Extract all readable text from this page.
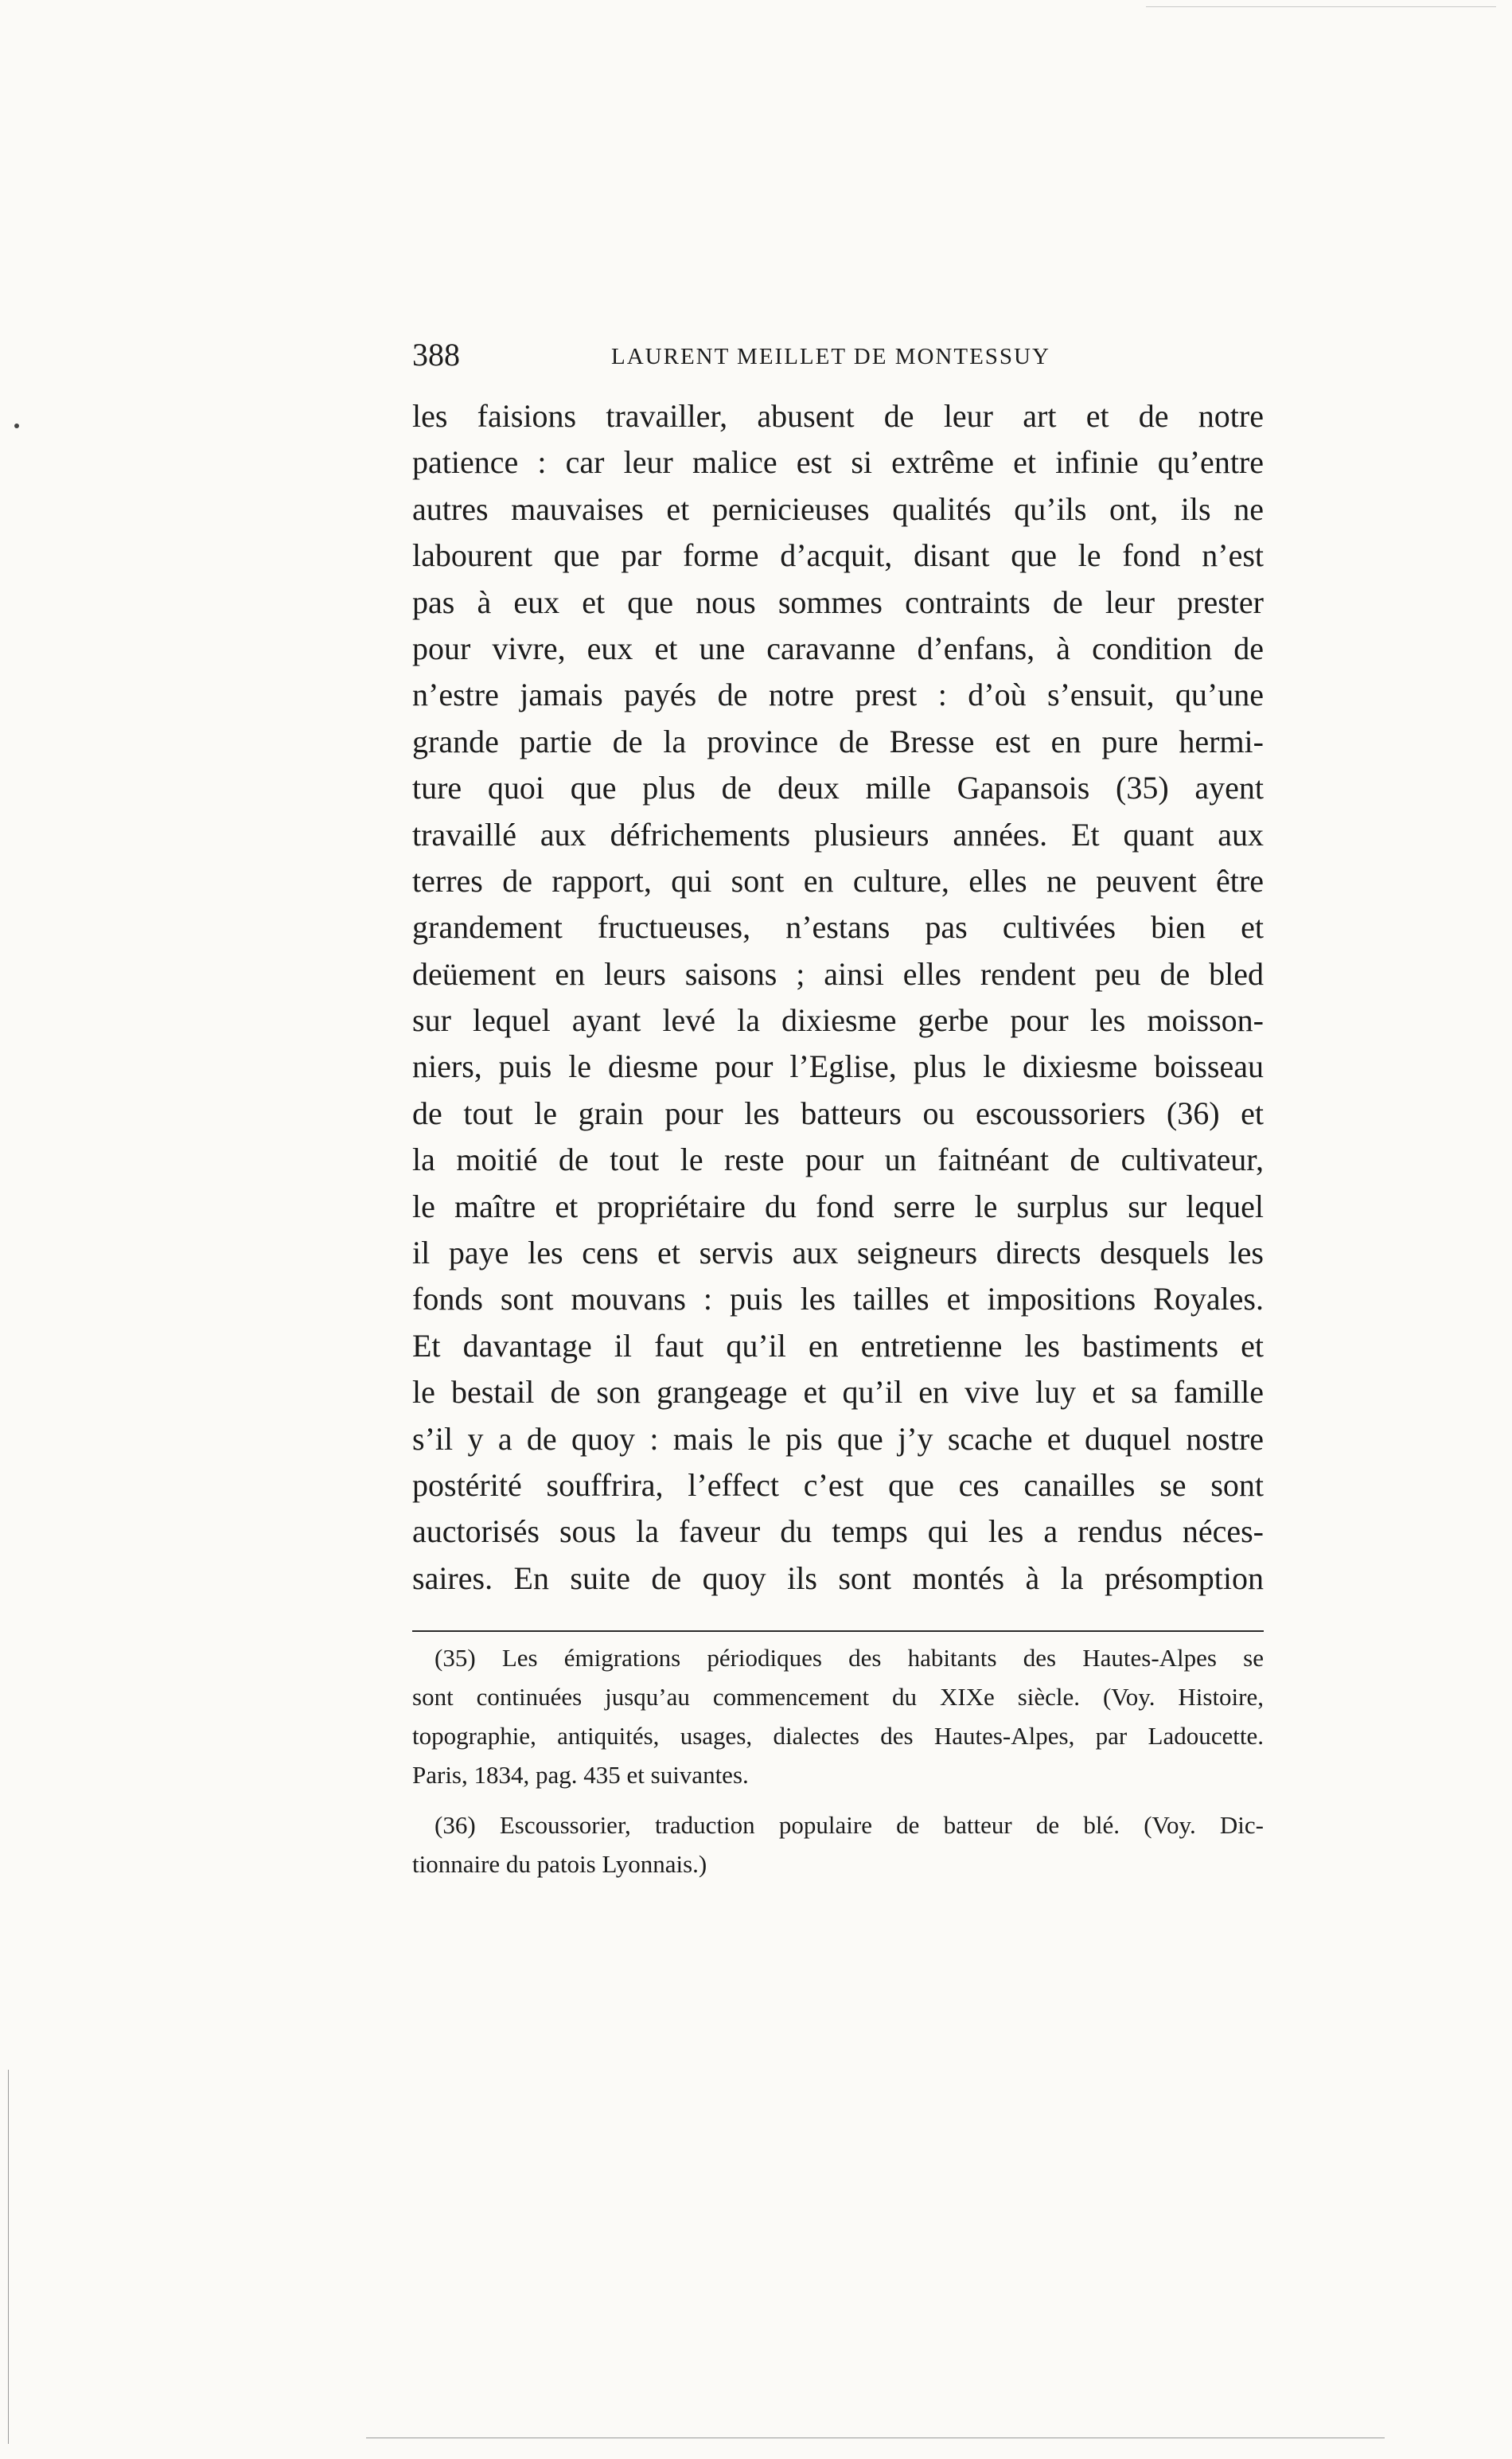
388	LAURENT MEILLET DE MONTESSUY
les faisions travailler, abusent de leur art et de notre
patience : car leur malice est si extrême et infinie qu’entre
autres mauvaises et pernicieuses qualités qu’ils ont, ils ne
labourent que par forme d’acquit, disant que le fond n’est
pas à eux et que nous sommes contraints de leur prester
pour vivre, eux et une caravanne d’enfans, à condition de
n’estre jamais payés de notre prest : d’où s’ensuit, qu’une
grande partie de la province de Bresse est en pure hermi-
ture quoi que plus de deux mille Gapansois (35) ayent
travaillé aux défrichements plusieurs années. Et quant aux
terres de rapport, qui sont en culture, elles ne peuvent être
grandement fructueuses, n’estans pas cultivées bien et
deüement en leurs saisons ; ainsi elles rendent peu de bled
sur lequel ayant levé la dixiesme gerbe pour les moisson-
niers, puis le diesme pour l’Eglise, plus le dixiesme boisseau
de tout le grain pour les batteurs ou escoussoriers (36) et
la moitié de tout le reste pour un faitnéant de cultivateur,
le maître et propriétaire du fond serre le surplus sur lequel
il paye les cens et servis aux seigneurs directs desquels les
fonds sont mouvans : puis les tailles et impositions Royales.
Et davantage il faut qu’il en entretienne les bastiments et
le bestail de son grangeage et qu’il en vive luy et sa famille
s’il y a de quoy : mais le pis que j’y scache et duquel nostre
postérité souffrira, l’effect c’est que ces canailles se sont
auctorisés sous la faveur du temps qui les a rendus néces-
saires. En suite de quoy ils sont montés à la présomption
(35) Les émigrations périodiques des habitants des Hautes-Alpes se
sont continuées jusqu’au commencement du XIXe siècle. (Voy. Histoire,
topographie, antiquités, usages, dialectes des Hautes-Alpes, par Ladoucette.
Paris, 1834, pag. 435 et suivantes.
(36) Escoussorier, traduction populaire de batteur de blé. (Voy. Dic-
tionnaire du patois Lyonnais.)
